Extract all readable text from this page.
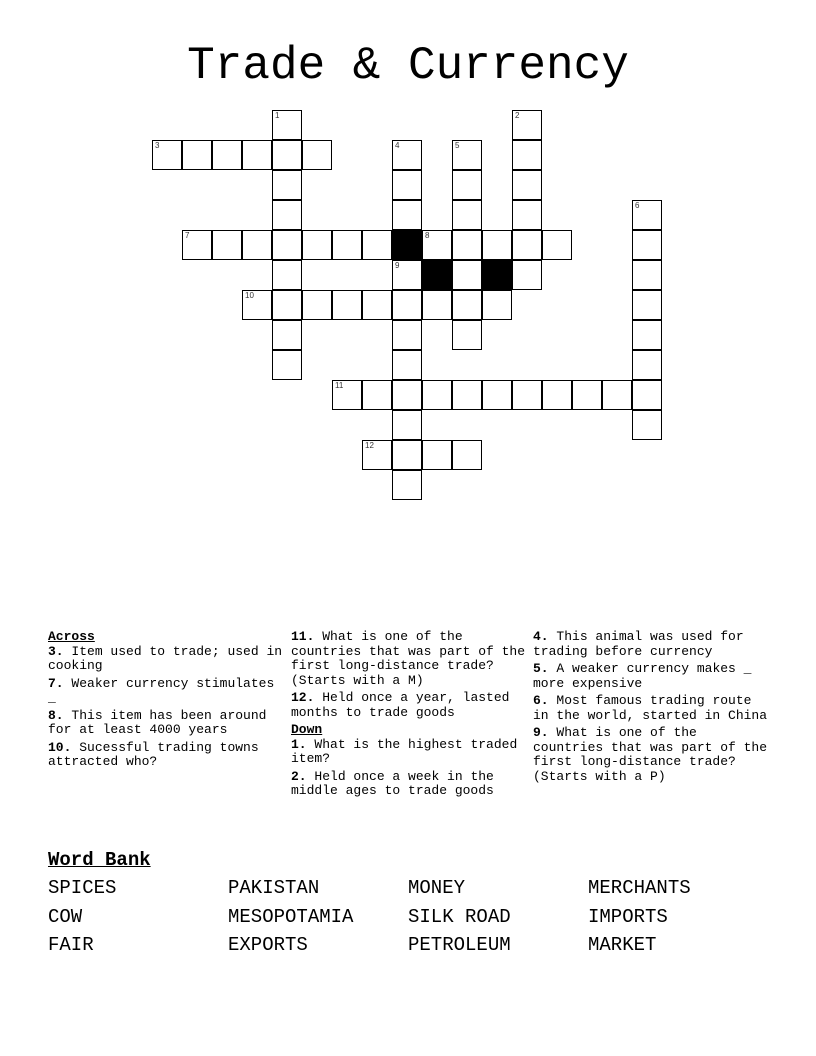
Trade & Currency
3
7	8
10
11
12
1	2
4	5
6
9
Across
3. Item used to trade; used in cooking
7. Weaker currency stimulates _
8. This item has been around for at least 4000 years
10. Sucessful trading towns attracted who?
11. What is one of the countries that was part of the first long-distance trade? (Starts with a M)
12. Held once a year, lasted months to trade goods
Down
1. What is the highest traded item?
2. Held once a week in the middle ages to trade goods
4. This animal was used for trading before currency
5. A weaker currency makes _ more expensive
6. Most famous trading route in the world, started in China
9. What is one of the countries that was part of the first long-distance trade? (Starts with a P)
Word Bank
SPICES	PAKISTAN	MONEY	MERCHANTS
COW	MESOPOTAMIA	SILK ROAD	IMPORTS
FAIR	EXPORTS	PETROLEUM	MARKET
